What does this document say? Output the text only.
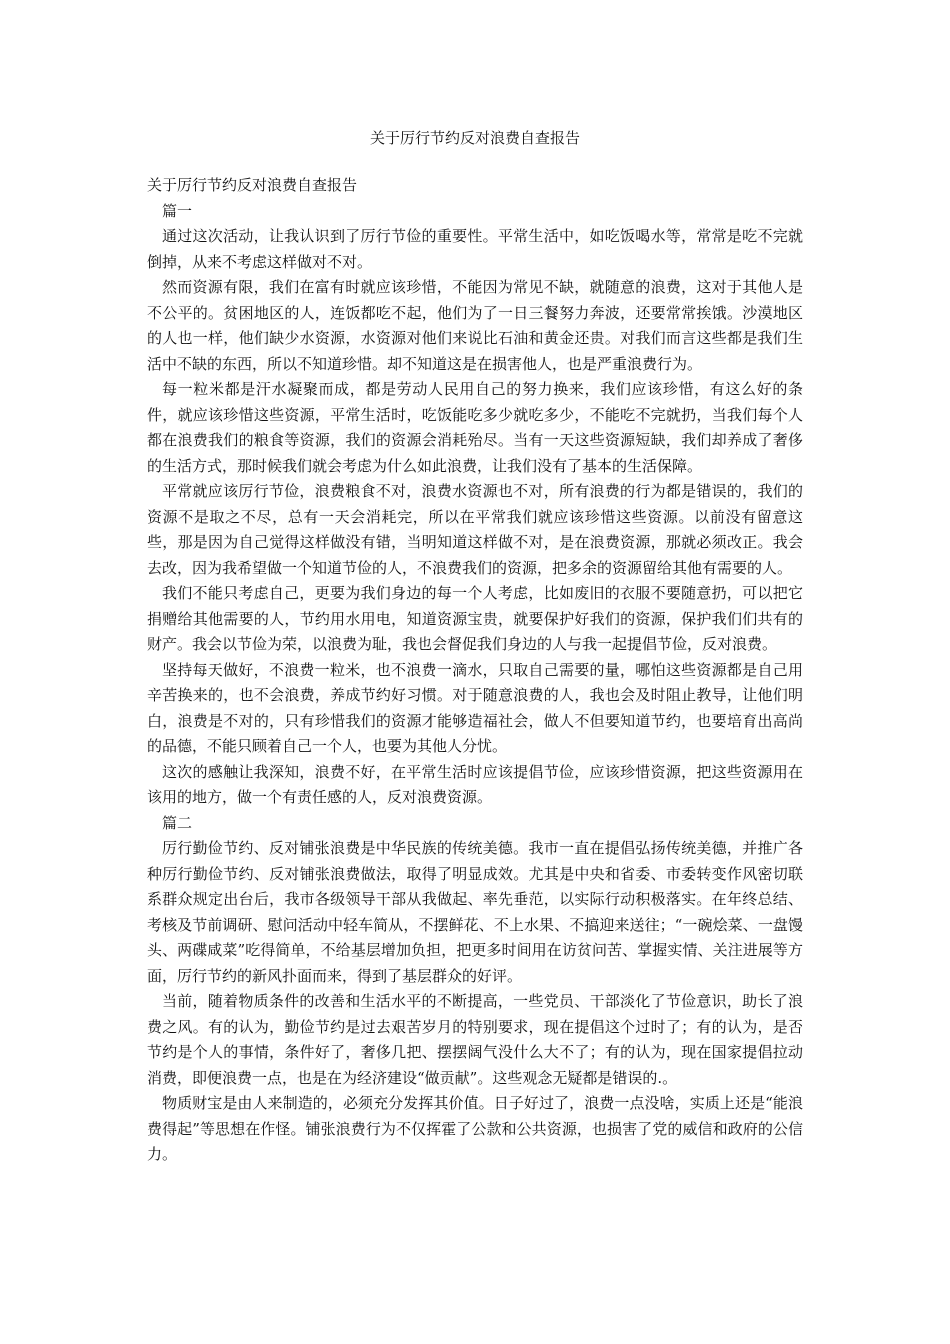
关于厉行节约反对浪费自查报告

关于厉行节约反对浪费自查报告

篇一

通过这次活动，让我认识到了厉行节俭的重要性。平常生活中，如吃饭喝水等，常常是吃不完就倒掉，从来不考虑这样做对不对。

然而资源有限，我们在富有时就应该珍惜，不能因为常见不缺，就随意的浪费，这对于其他人是不公平的。贫困地区的人，连饭都吃不起，他们为了一日三餐努力奔波，还要常常挨饿。沙漠地区的人也一样，他们缺少水资源，水资源对他们来说比石油和黄金还贵。对我们而言这些都是我们生活中不缺的东西，所以不知道珍惜。却不知道这是在损害他人，也是严重浪费行为。

每一粒米都是汗水凝聚而成，都是劳动人民用自己的努力换来，我们应该珍惜，有这么好的条件，就应该珍惜这些资源，平常生活时，吃饭能吃多少就吃多少，不能吃不完就扔，当我们每个人都在浪费我们的粮食等资源，我们的资源会消耗殆尽。当有一天这些资源短缺，我们却养成了奢侈的生活方式，那时候我们就会考虑为什么如此浪费，让我们没有了基本的生活保障。

平常就应该厉行节俭，浪费粮食不对，浪费水资源也不对，所有浪费的行为都是错误的，我们的资源不是取之不尽，总有一天会消耗完，所以在平常我们就应该珍惜这些资源。以前没有留意这些，那是因为自己觉得这样做没有错，当明知道这样做不对，是在浪费资源，那就必须改正。我会去改，因为我希望做一个知道节俭的人，不浪费我们的资源，把多余的资源留给其他有需要的人。

我们不能只考虑自己，更要为我们身边的每一个人考虑，比如废旧的衣服不要随意扔，可以把它捐赠给其他需要的人，节约用水用电，知道资源宝贵，就要保护好我们的资源，保护我们们共有的财产。我会以节俭为荣，以浪费为耻，我也会督促我们身边的人与我一起提倡节俭，反对浪费。

坚持每天做好，不浪费一粒米，也不浪费一滴水，只取自己需要的量，哪怕这些资源都是自己用辛苦换来的，也不会浪费，养成节约好习惯。对于随意浪费的人，我也会及时阻止教导，让他们明白，浪费是不对的，只有珍惜我们的资源才能够造福社会，做人不但要知道节约，也要培育出高尚的品德，不能只顾着自己一个人，也要为其他人分忧。

这次的感触让我深知，浪费不好，在平常生活时应该提倡节俭，应该珍惜资源，把这些资源用在该用的地方，做一个有责任感的人，反对浪费资源。

篇二

厉行勤俭节约、反对铺张浪费是中华民族的传统美德。我市一直在提倡弘扬传统美德，并推广各种厉行勤俭节约、反对铺张浪费做法，取得了明显成效。尤其是中央和省委、市委转变作风密切联系群众规定出台后，我市各级领导干部从我做起、率先垂范，以实际行动积极落实。在年终总结、考核及节前调研、慰问活动中轻车简从，不摆鲜花、不上水果、不搞迎来送往；“一碗烩菜、一盘馒头、两碟咸菜”吃得简单，不给基层增加负担，把更多时间用在访贫问苦、掌握实情、关注进展等方面，厉行节约的新风扑面而来，得到了基层群众的好评。

当前，随着物质条件的改善和生活水平的不断提高，一些党员、干部淡化了节俭意识，助长了浪费之风。有的认为，勤俭节约是过去艰苦岁月的特别要求，现在提倡这个过时了；有的认为，是否节约是个人的事情，条件好了，奢侈几把、摆摆阔气没什么大不了；有的认为，现在国家提倡拉动消费，即便浪费一点，也是在为经济建设“做贡献”。这些观念无疑都是错误的.。

物质财宝是由人来制造的，必须充分发挥其价值。日子好过了，浪费一点没啥，实质上还是“能浪费得起”等思想在作怪。铺张浪费行为不仅挥霍了公款和公共资源，也损害了党的威信和政府的公信力。
